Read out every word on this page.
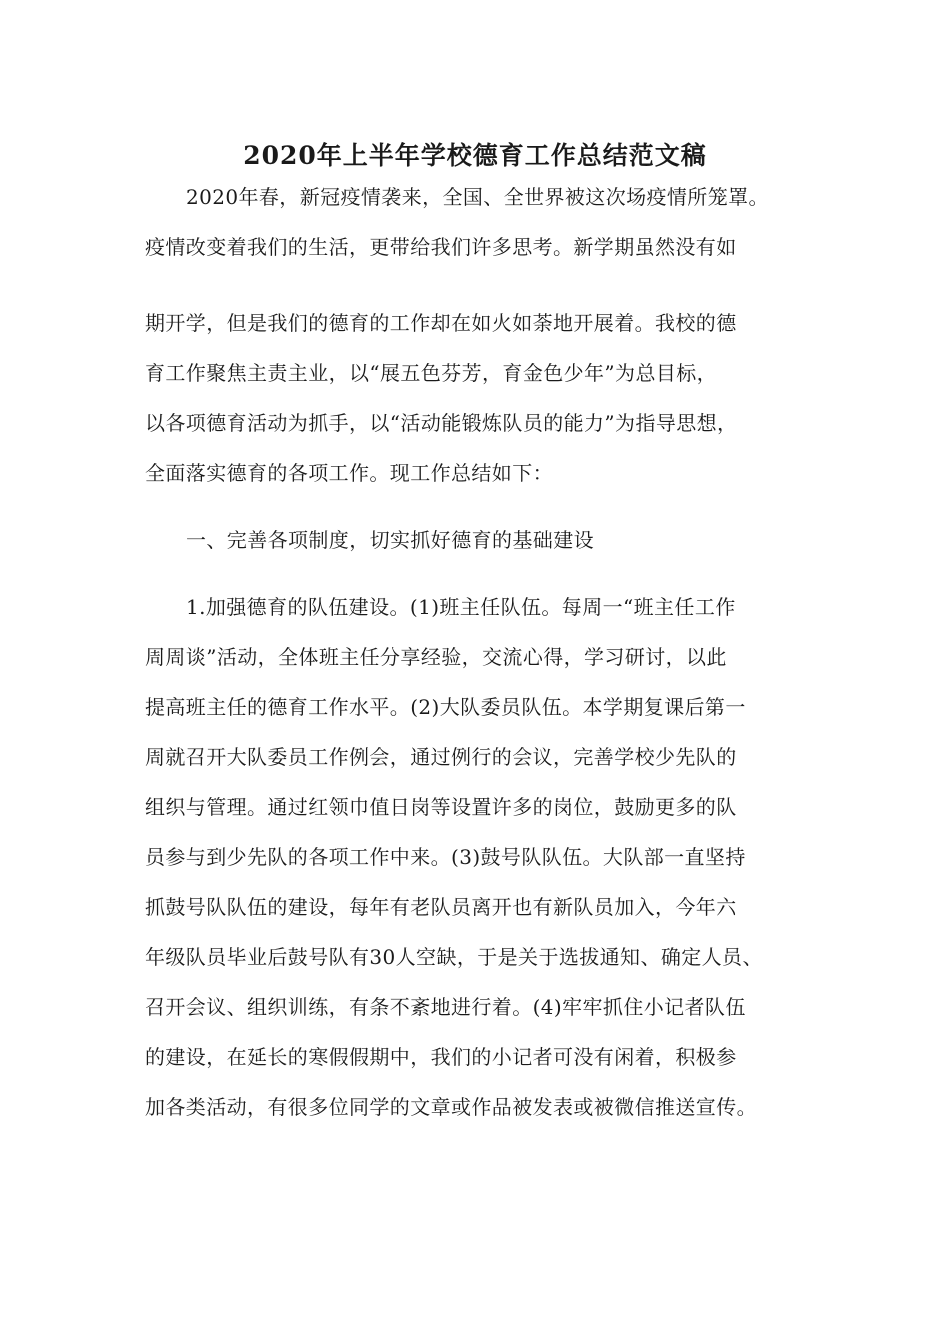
2020年上半年学校德育工作总结范文稿
2020年春，新冠疫情袭来，全国、全世界被这次场疫情所笼罩。
疫情改变着我们的生活，更带给我们许多思考。新学期虽然没有如
期开学，但是我们的德育的工作却在如火如荼地开展着。我校的德
育工作聚焦主责主业，以“展五色芬芳，育金色少年”为总目标，
以各项德育活动为抓手，以“活动能锻炼队员的能力”为指导思想，
全面落实德育的各项工作。现工作总结如下：
一、完善各项制度，切实抓好德育的基础建设
1.加强德育的队伍建设。(1)班主任队伍。每周一“班主任工作
周周谈”活动，全体班主任分享经验，交流心得，学习研讨，以此
提高班主任的德育工作水平。(2)大队委员队伍。本学期复课后第一
周就召开大队委员工作例会，通过例行的会议，完善学校少先队的
组织与管理。通过红领巾值日岗等设置许多的岗位，鼓励更多的队
员参与到少先队的各项工作中来。(3)鼓号队队伍。大队部一直坚持
抓鼓号队队伍的建设，每年有老队员离开也有新队员加入，今年六
年级队员毕业后鼓号队有30人空缺，于是关于选拔通知、确定人员、
召开会议、组织训练，有条不紊地进行着。(4)牢牢抓住小记者队伍
的建设，在延长的寒假假期中，我们的小记者可没有闲着，积极参
加各类活动，有很多位同学的文章或作品被发表或被微信推送宣传。
